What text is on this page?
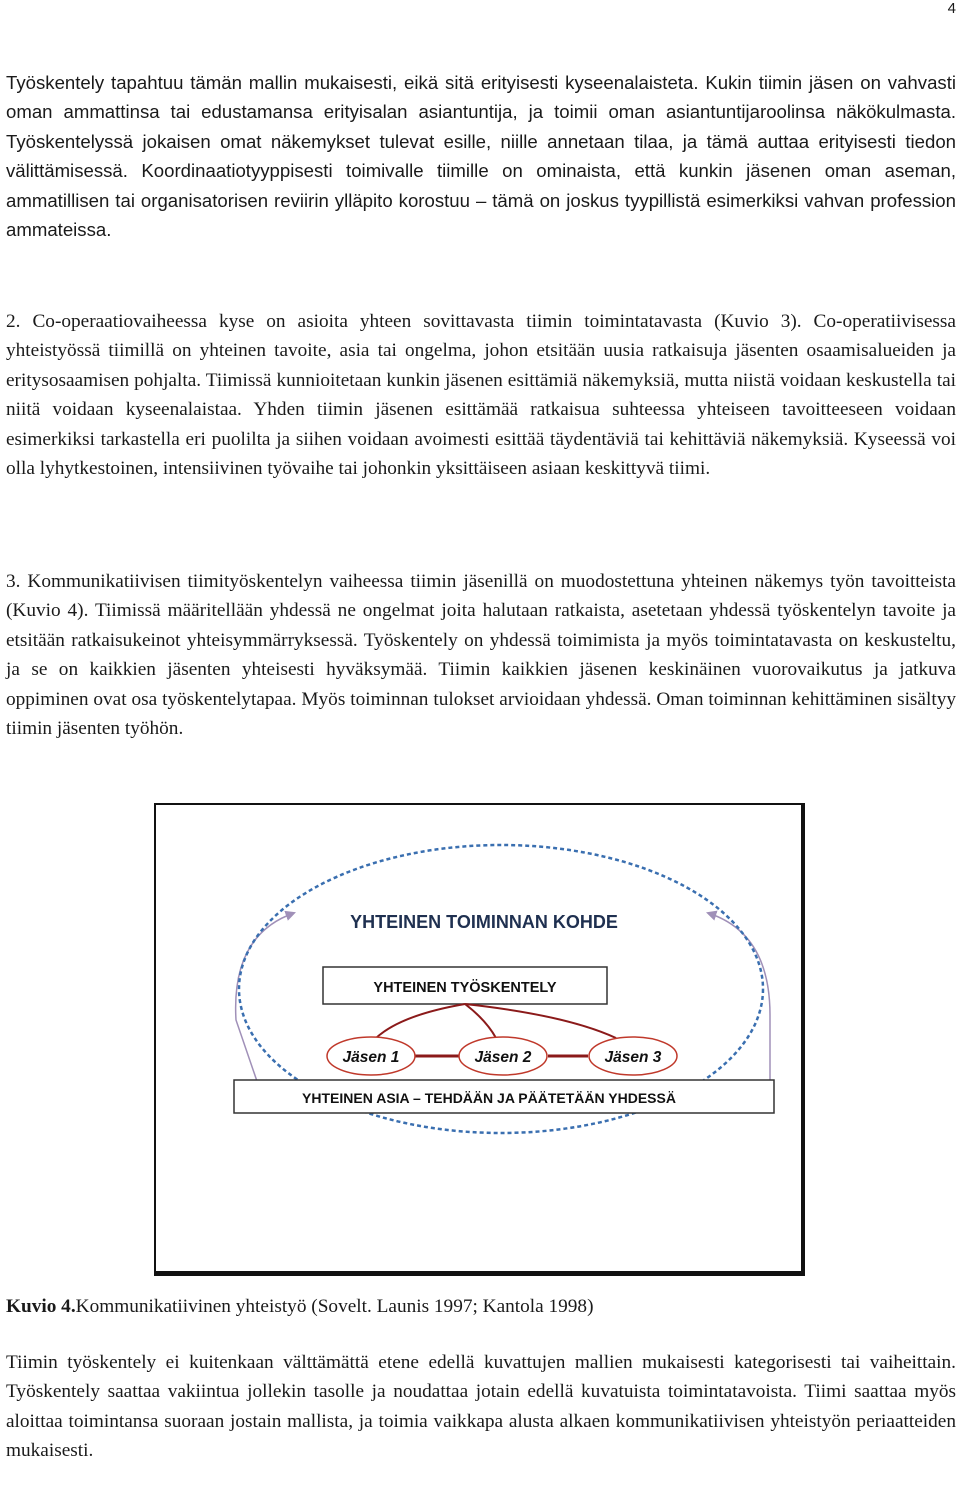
4

Työskentely tapahtuu tämän mallin mukaisesti, eikä sitä erityisesti kyseenalaisteta. Kukin tiimin jäsen on vahvasti oman ammattinsa tai edustamansa erityisalan asiantuntija, ja toimii oman asiantuntijaroolinsa näkökulmasta. Työskentelyssä jokaisen omat näkemykset tulevat esille, niille annetaan tilaa, ja tämä auttaa erityisesti tiedon välittämisessä. Koordinaatiotyyppisesti toimivalle tiimille on ominaista, että kunkin jäsenen oman aseman, ammatillisen tai organisatorisen reviirin ylläpito korostuu – tämä on joskus tyypillistä esimerkiksi vahvan profession ammateissa.

2. Co-operaatiovaiheessa kyse on asioita yhteen sovittavasta tiimin toimintatavasta (Kuvio 3). Co-operatiivisessa yhteistyössä tiimillä on yhteinen tavoite, asia tai ongelma, johon etsitään uusia ratkaisuja jäsenten osaamisalueiden ja eritysosaamisen pohjalta. Tiimissä kunnioitetaan kunkin jäsenen esittämiä näkemyksiä, mutta niistä voidaan keskustella tai niitä voidaan kyseenalaistaa. Yhden tiimin jäsenen esittämää ratkaisua suhteessa yhteiseen tavoitteeseen voidaan esimerkiksi tarkastella eri puolilta ja siihen voidaan avoimesti esittää täydentäviä tai kehittäviä näkemyksiä. Kyseessä voi olla lyhytkestoinen, intensiivinen työvaihe tai johonkin yksittäiseen asiaan keskittyvä tiimi.

3. Kommunikatiivisen tiimityöskentelyn vaiheessa tiimin jäsenillä on muodostettuna yhteinen näkemys työn tavoitteista (Kuvio 4). Tiimissä määritellään yhdessä ne ongelmat joita halutaan ratkaista, asetetaan yhdessä työskentelyn tavoite ja etsitään ratkaisukeinot yhteisymmärryksessä. Työskentely on yhdessä toimimista ja myös toimintatavasta on keskusteltu, ja se on kaikkien jäsenten yhteisesti hyväksymää. Tiimin kaikkien jäsenen keskinäinen vuorovaikutus ja jatkuva oppiminen ovat osa työskentelytapaa. Myös toiminnan tulokset arvioidaan yhdessä. Oman toiminnan kehittäminen sisältyy tiimin jäsenten työhön.

YHTEINEN TOIMINNAN KOHDE
YHTEINEN TYÖSKENTELY
Jäsen 1	Jäsen 2	Jäsen 3
YHTEINEN ASIA – TEHDÄÄN JA PÄÄTETÄÄN YHDESSÄ

Kuvio 4.Kommunikatiivinen yhteistyö (Sovelt. Launis 1997; Kantola 1998)

Tiimin työskentely ei kuitenkaan välttämättä etene edellä kuvattujen mallien mukaisesti kategorisesti tai vaiheittain. Työskentely saattaa vakiintua jollekin tasolle ja noudattaa jotain edellä kuvatuista toimintatavoista. Tiimi saattaa myös aloittaa toimintansa suoraan jostain mallista, ja toimia vaikkapa alusta alkaen kommunikatiivisen yhteistyön periaatteiden mukaisesti.
